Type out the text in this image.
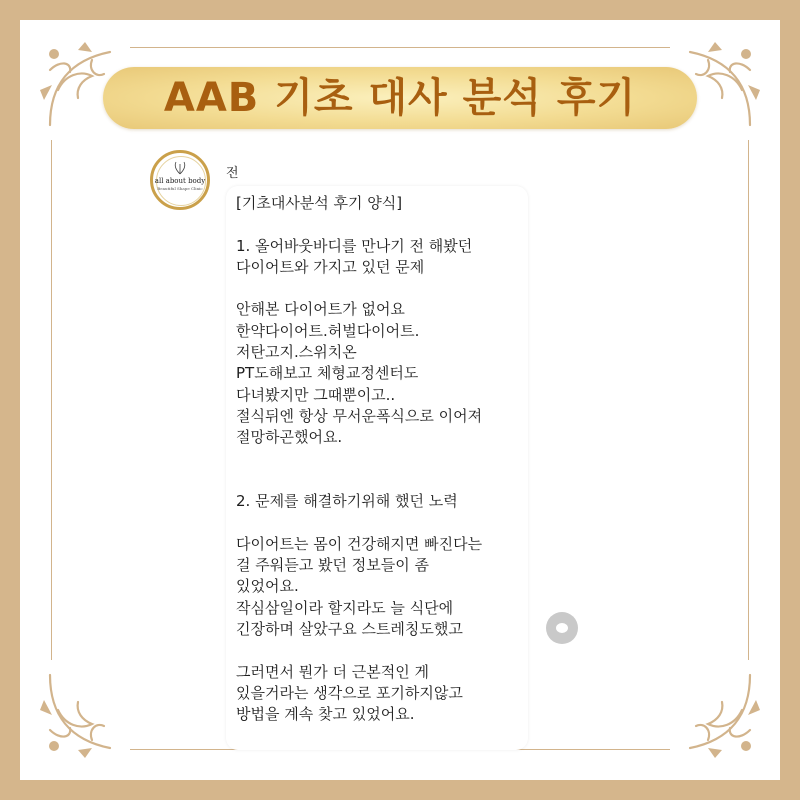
AAB 기초 대사 분석 후기
all about body
Beautiful Shape Clinic
전
[기초대사분석 후기 양식]

1. 올어바웃바디를 만나기 전 해봤던
다이어트와 가지고 있던 문제

안해본 다이어트가 없어요
한약다이어트.허벌다이어트.
저탄고지.스위치온
PT도해보고 체형교정센터도
다녀봤지만 그때뿐이고..
절식뒤엔 항상 무서운폭식으로 이어져
절망하곤했어요.

2. 문제를 해결하기위해 했던 노력

다이어트는 몸이 건강해지면 빠진다는
걸 주워듣고 봤던 정보들이 좀
있었어요.
작심삼일이라 할지라도 늘 식단에
긴장하며 살았구요 스트레칭도했고

그러면서 뭔가 더 근본적인 게
있을거라는 생각으로 포기하지않고
방법을 계속 찾고 있었어요.
